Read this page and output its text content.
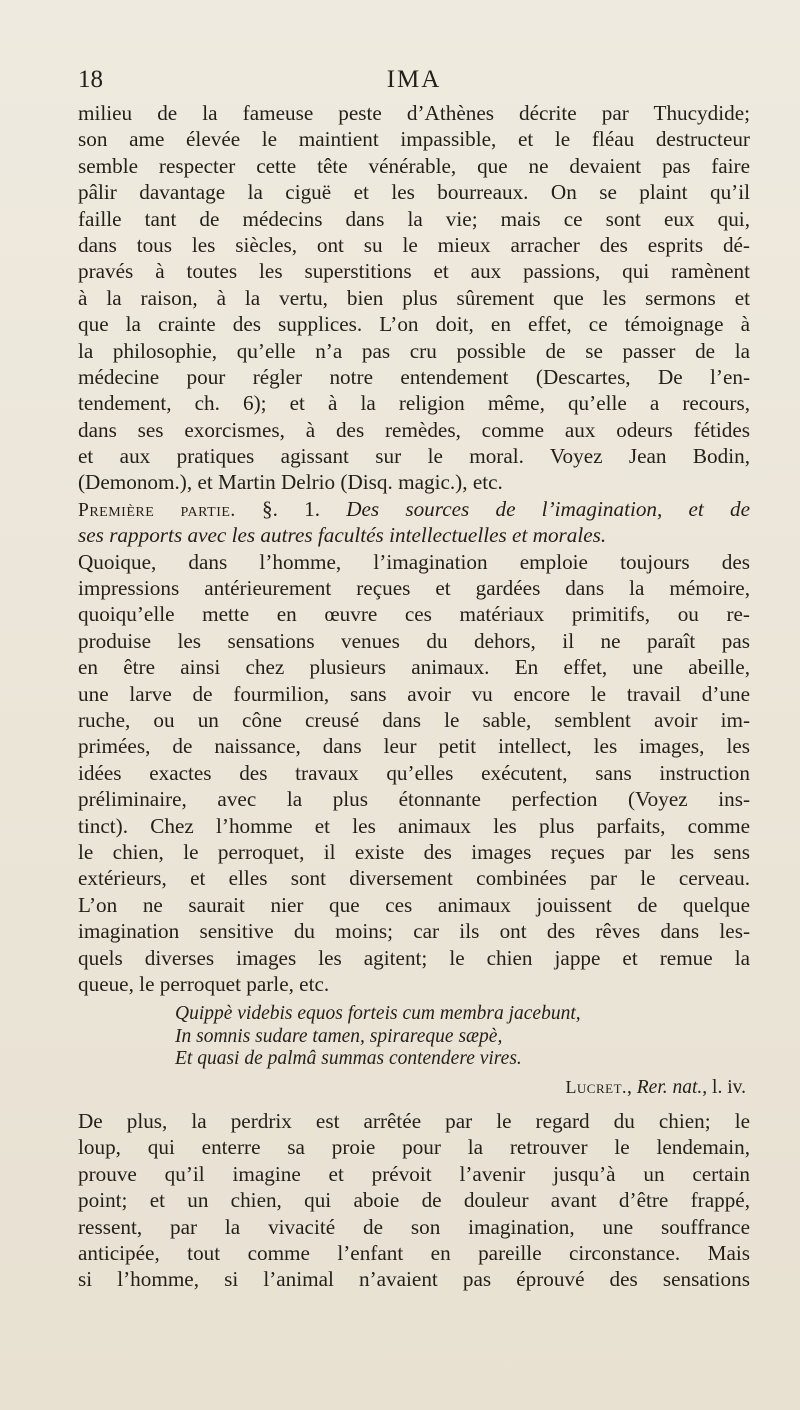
18	IMA
milieu de la fameuse peste d’Athènes décrite par Thucydide;
son ame élevée le maintient impassible, et le fléau destructeur
semble respecter cette tête vénérable, que ne devaient pas faire
pâlir davantage la ciguë et les bourreaux. On se plaint qu’il
faille tant de médecins dans la vie; mais ce sont eux qui,
dans tous les siècles, ont su le mieux arracher des esprits dé-
pravés à toutes les superstitions et aux passions, qui ramènent
à la raison, à la vertu, bien plus sûrement que les sermons et
que la crainte des supplices. L’on doit, en effet, ce témoignage à
la philosophie, qu’elle n’a pas cru possible de se passer de la
médecine pour régler notre entendement (Descartes, De l’en-
tendement, ch. 6); et à la religion même, qu’elle a recours,
dans ses exorcismes, à des remèdes, comme aux odeurs fétides
et aux pratiques agissant sur le moral. Voyez Jean Bodin,
(Demonom.), et Martin Delrio (Disq. magic.), etc.
Première partie. §. 1. Des sources de l’imagination, et de
ses rapports avec les autres facultés intellectuelles et morales.
Quoique, dans l’homme, l’imagination emploie toujours des
impressions antérieurement reçues et gardées dans la mémoire,
quoiqu’elle mette en œuvre ces matériaux primitifs, ou re-
produise les sensations venues du dehors, il ne paraît pas
en être ainsi chez plusieurs animaux. En effet, une abeille,
une larve de fourmilion, sans avoir vu encore le travail d’une
ruche, ou un cône creusé dans le sable, semblent avoir im-
primées, de naissance, dans leur petit intellect, les images, les
idées exactes des travaux qu’elles exécutent, sans instruction
préliminaire, avec la plus étonnante perfection (Voyez ins-
tinct). Chez l’homme et les animaux les plus parfaits, comme
le chien, le perroquet, il existe des images reçues par les sens
extérieurs, et elles sont diversement combinées par le cerveau.
L’on ne saurait nier que ces animaux jouissent de quelque
imagination sensitive du moins; car ils ont des rêves dans les-
quels diverses images les agitent; le chien jappe et remue la
queue, le perroquet parle, etc.
Quippè videbis equos forteis cum membra jacebunt,
In somnis sudare tamen, spirareque sæpè,
Et quasi de palmâ summas contendere vires.
Lucret., Rer. nat., l. iv.
De plus, la perdrix est arrêtée par le regard du chien; le
loup, qui enterre sa proie pour la retrouver le lendemain,
prouve qu’il imagine et prévoit l’avenir jusqu’à un certain
point; et un chien, qui aboie de douleur avant d’être frappé,
ressent, par la vivacité de son imagination, une souffrance
anticipée, tout comme l’enfant en pareille circonstance. Mais
si l’homme, si l’animal n’avaient pas éprouvé des sensations
